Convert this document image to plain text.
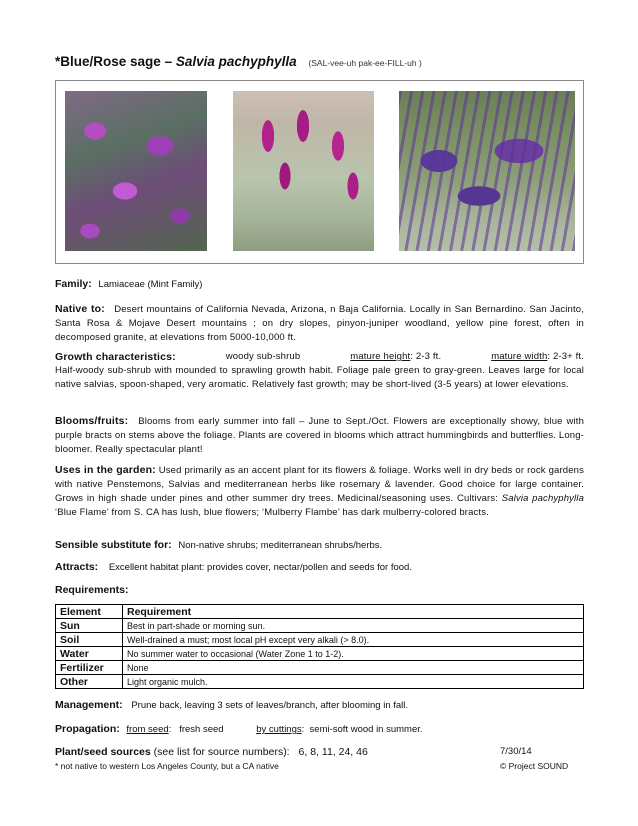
*Blue/Rose sage – Salvia pachyphylla (SAL-vee-uh pak-ee-FILL-uh )
Family: Lamiaceae (Mint Family)
Native to: Desert mountains of California Nevada, Arizona, n Baja California. Locally in San Bernardino. San Jacinto, Santa Rosa & Mojave Desert mountains ; on dry slopes, pinyon-juniper woodland, yellow pine forest, often in decomposed granite, at elevations from 5000-10,000 ft.
Growth characteristics:	woody sub-shrub	mature height: 2-3 ft.	mature width: 2-3+ ft.
Half-woody sub-shrub with mounded to sprawling growth habit. Foliage pale green to gray-green. Leaves large for local native salvias, spoon-shaped, very aromatic. Relatively fast growth; may be short-lived (3-5 years) at lower elevations.
Blooms/fruits: Blooms from early summer into fall – June to Sept./Oct. Flowers are exceptionally showy, blue with purple bracts on stems above the foliage. Plants are covered in blooms which attract hummingbirds and butterflies. Long-bloomer. Really spectacular plant!
Uses in the garden: Used primarily as an accent plant for its flowers & foliage. Works well in dry beds or rock gardens with native Penstemons, Salvias and mediterranean herbs like rosemary & lavender. Good choice for large container. Grows in high shade under pines and other summer dry trees. Medicinal/seasoning uses. Cultivars: Salvia pachyphylla ‘Blue Flame’ from S. CA has lush, blue flowers; ‘Mulberry Flambe’ has dark mulberry-colored bracts.
Sensible substitute for: Non-native shrubs; mediterranean shrubs/herbs.
Attracts: Excellent habitat plant: provides cover, nectar/pollen and seeds for food.
Requirements:
Element	Requirement
Sun	Best in part-shade or morning sun.
Soil	Well-drained a must; most local pH except very alkali (> 8.0).
Water	No summer water to occasional (Water Zone 1 to 1-2).
Fertilizer	None
Other	Light organic mulch.
Management: Prune back, leaving 3 sets of leaves/branch, after blooming in fall.
Propagation: from seed:   fresh seed	by cuttings:  semi-soft wood in summer.
Plant/seed sources (see list for source numbers): 6, 8, 11, 24, 46	7/30/14
* not native to western Los Angeles County, but a CA native	© Project SOUND
